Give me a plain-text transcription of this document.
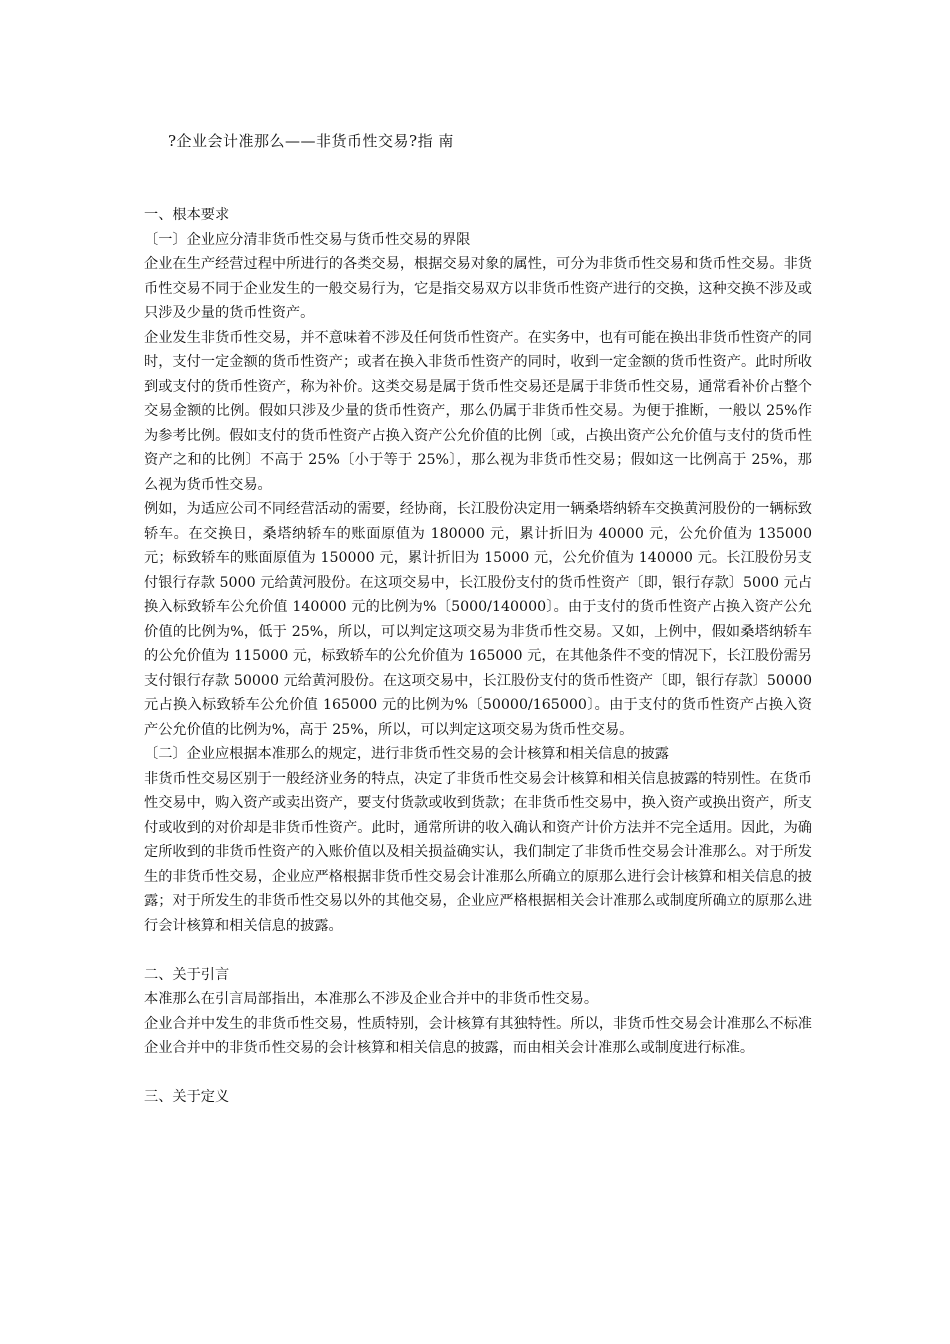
?企业会计准那么——非货币性交易?指 南

一、根本要求

〔一〕企业应分清非货币性交易与货币性交易的界限

企业在生产经营过程中所进行的各类交易，根据交易对象的属性，可分为非货币性交易和货币性交易。非货币性交易不同于企业发生的一般交易行为，它是指交易双方以非货币性资产进行的交换，这种交换不涉及或只涉及少量的货币性资产。

企业发生非货币性交易，并不意味着不涉及任何货币性资产。在实务中，也有可能在换出非货币性资产的同时，支付一定金额的货币性资产；或者在换入非货币性资产的同时，收到一定金额的货币性资产。此时所收到或支付的货币性资产，称为补价。这类交易是属于货币性交易还是属于非货币性交易，通常看补价占整个交易金额的比例。假如只涉及少量的货币性资产，那么仍属于非货币性交易。为便于推断，一般以 25%作为参考比例。假如支付的货币性资产占换入资产公允价值的比例〔或，占换出资产公允价值与支付的货币性资产之和的比例〕不高于 25%〔小于等于 25%〕，那么视为非货币性交易；假如这一比例高于 25%，那么视为货币性交易。

例如，为适应公司不同经营活动的需要，经协商，长江股份决定用一辆桑塔纳轿车交换黄河股份的一辆标致轿车。在交换日，桑塔纳轿车的账面原值为 180000 元，累计折旧为 40000 元，公允价值为 135000 元；标致轿车的账面原值为 150000 元，累计折旧为 15000 元，公允价值为 140000 元。长江股份另支付银行存款 5000 元给黄河股份。在这项交易中，长江股份支付的货币性资产〔即，银行存款〕5000 元占换入标致轿车公允价值 140000 元的比例为%〔5000/140000〕。由于支付的货币性资产占换入资产公允价值的比例为%，低于 25%，所以，可以判定这项交易为非货币性交易。又如，上例中，假如桑塔纳轿车的公允价值为 115000 元，标致轿车的公允价值为 165000 元，在其他条件不变的情况下，长江股份需另支付银行存款 50000 元给黄河股份。在这项交易中，长江股份支付的货币性资产〔即，银行存款〕50000 元占换入标致轿车公允价值 165000 元的比例为%〔50000/165000〕。由于支付的货币性资产占换入资产公允价值的比例为%，高于 25%，所以，可以判定这项交易为货币性交易。

〔二〕企业应根据本准那么的规定，进行非货币性交易的会计核算和相关信息的披露

非货币性交易区别于一般经济业务的特点，决定了非货币性交易会计核算和相关信息披露的特别性。在货币性交易中，购入资产或卖出资产，要支付货款或收到货款；在非货币性交易中，换入资产或换出资产，所支付或收到的对价却是非货币性资产。此时，通常所讲的收入确认和资产计价方法并不完全适用。因此，为确定所收到的非货币性资产的入账价值以及相关损益确实认，我们制定了非货币性交易会计准那么。对于所发生的非货币性交易，企业应严格根据非货币性交易会计准那么所确立的原那么进行会计核算和相关信息的披露；对于所发生的非货币性交易以外的其他交易，企业应严格根据相关会计准那么或制度所确立的原那么进行会计核算和相关信息的披露。

二、关于引言

本准那么在引言局部指出，本准那么不涉及企业合并中的非货币性交易。

企业合并中发生的非货币性交易，性质特别，会计核算有其独特性。所以，非货币性交易会计准那么不标准企业合并中的非货币性交易的会计核算和相关信息的披露，而由相关会计准那么或制度进行标准。

三、关于定义
